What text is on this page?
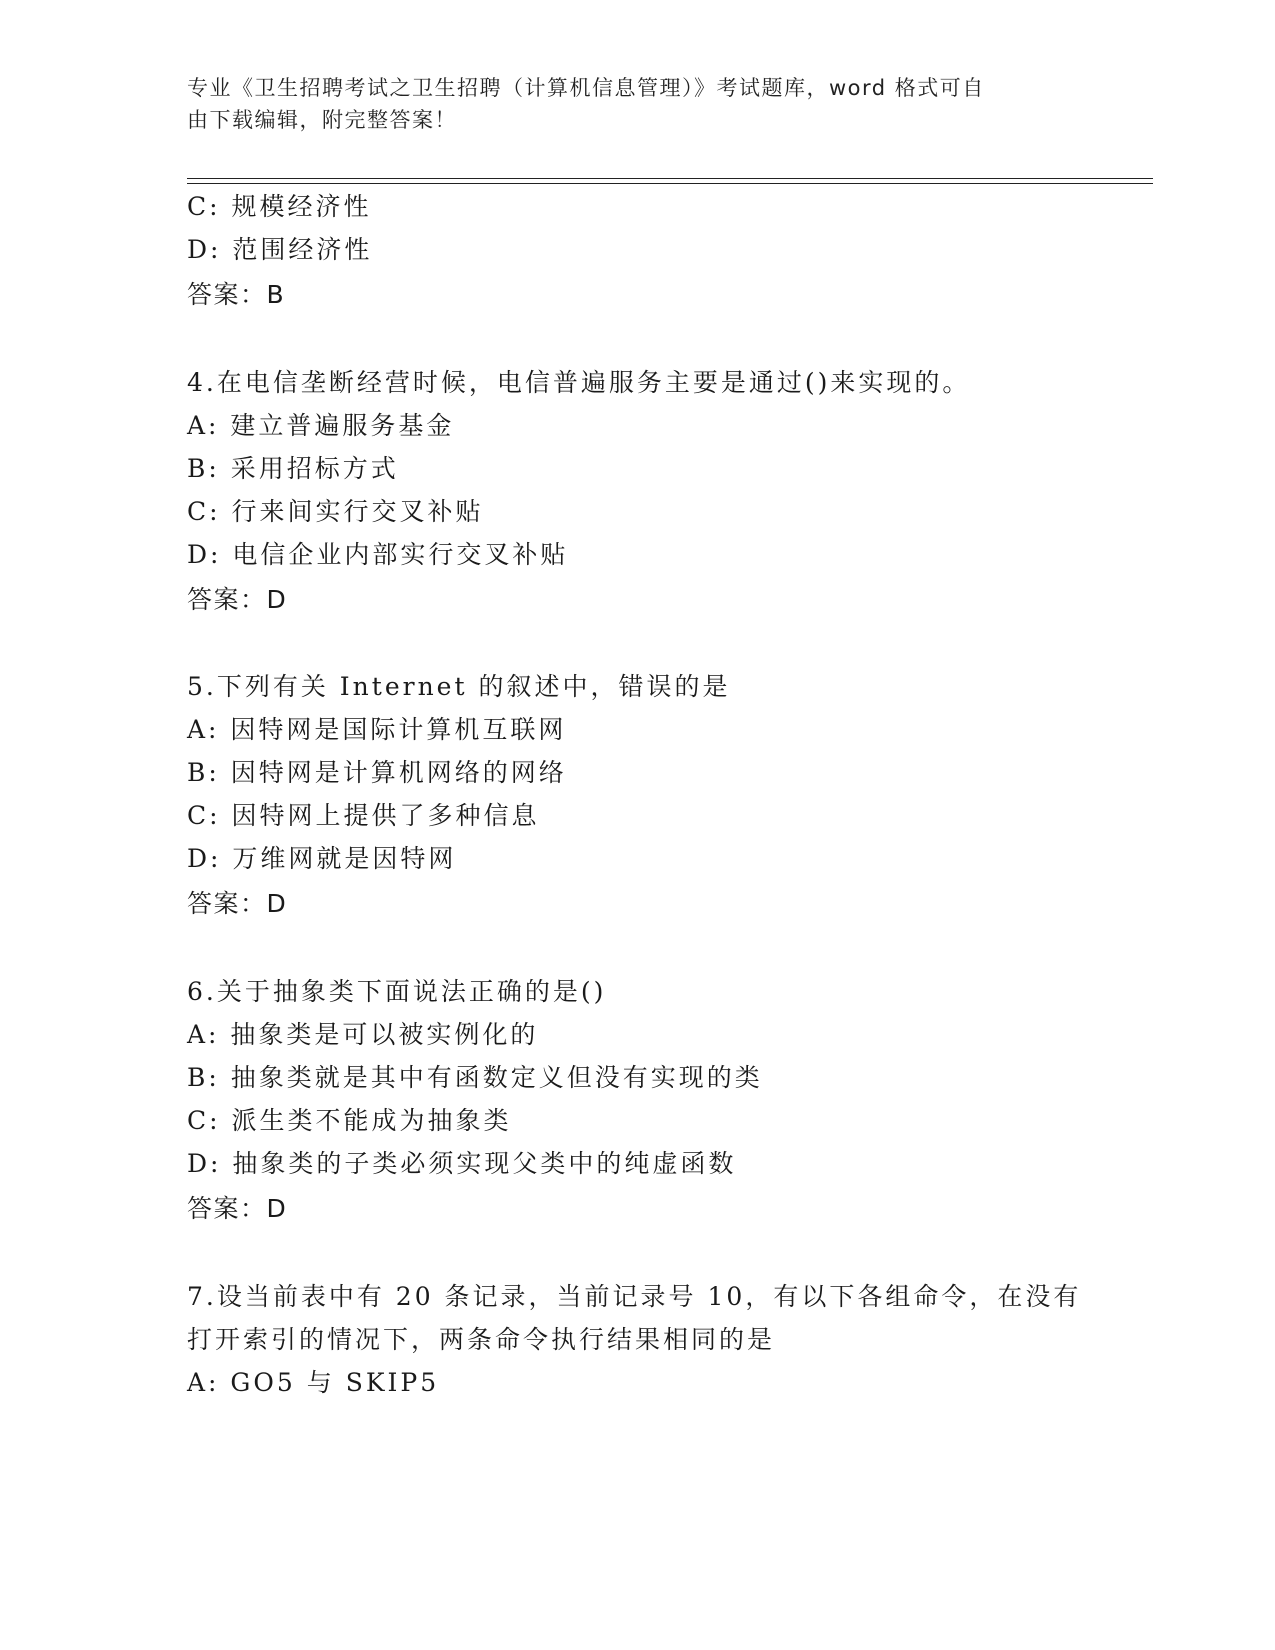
专业《卫生招聘考试之卫生招聘（计算机信息管理）》考试题库，word 格式可自
由下载编辑，附完整答案！
C: 规模经济性
D: 范围经济性
答案：B
4.在电信垄断经营时候，电信普遍服务主要是通过()来实现的。
A: 建立普遍服务基金
B: 采用招标方式
C: 行来间实行交叉补贴
D: 电信企业内部实行交叉补贴
答案：D
5.下列有关 Internet 的叙述中，错误的是
A: 因特网是国际计算机互联网
B: 因特网是计算机网络的网络
C: 因特网上提供了多种信息
D: 万维网就是因特网
答案：D
6.关于抽象类下面说法正确的是()
A: 抽象类是可以被实例化的
B: 抽象类就是其中有函数定义但没有实现的类
C: 派生类不能成为抽象类
D: 抽象类的子类必须实现父类中的纯虚函数
答案：D
7.设当前表中有 20 条记录，当前记录号 10，有以下各组命令，在没有
打开索引的情况下，两条命令执行结果相同的是
A: GO5 与 SKIP5
